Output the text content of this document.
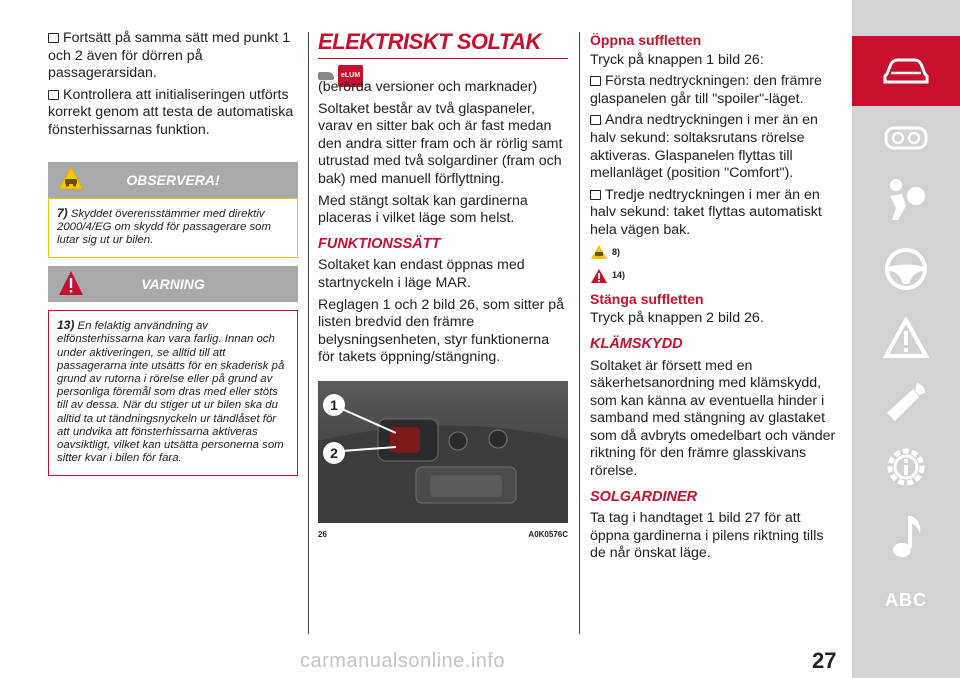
Fortsätt på samma sätt med punkt 1 och 2 även för dörren på passagerarsidan.

Kontrollera att initialiseringen utförts korrekt genom att testa de automatiska fönsterhissarnas funktion.

OBSERVERA!
7) Skyddet överensstämmer med direktiv 2000/4/EG om skydd för passagerare som lutar sig ut ur bilen.
VARNING
13) En felaktig användning av elfönsterhissarna kan vara farlig. Innan och under aktiveringen, se alltid till att passagerarna inte utsätts för en skaderisk på grund av rutorna i rörelse eller på grund av personliga föremål som dras med eller stöts till av dessa. När du stiger ut ur bilen ska du alltid ta ut tändningsnyckeln ur tändlåset för att undvika att fönsterhissarna aktiveras oavsiktligt, vilket kan utsätta personerna som sitter kvar i bilen för fara.
ELEKTRISKT SOLTAK
eLUM

(berörda versioner och marknader)

Soltaket består av två glaspaneler, varav en sitter bak och är fast medan den andra sitter fram och är rörlig samt utrustad med två solgardiner (fram och bak) med manuell förflyttning.

Med stängt soltak kan gardinerna placeras i vilket läge som helst.

FUNKTIONSSÄTT

Soltaket kan endast öppnas med startnyckeln i läge MAR.

Reglagen 1 och 2 bild 26, som sitter på listen bredvid den främre belysningsenheten, styr funktionerna för takets öppning/stängning.

1
2
26	A0K0576C
Öppna suffletten

Tryck på knappen 1 bild 26:

Första nedtryckningen: den främre glaspanelen går till "spoiler"-läget.

Andra nedtryckningen i mer än en halv sekund: soltaksrutans rörelse aktiveras. Glaspanelen flyttas till mellanläget (position "Comfort").

Tredje nedtryckningen i mer än en halv sekund: taket flyttas automatiskt hela vägen bak.

8)
14)
Stänga suffletten

Tryck på knappen 2 bild 26.

KLÄMSKYDD

Soltaket är försett med en säkerhetsanordning med klämskydd, som kan känna av eventuella hinder i samband med stängning av glastaket som då avbryts omedelbart och vänder riktning för den främre glasskivans rörelse.

SOLGARDINER

Ta tag i handtaget 1 bild 27 för att öppna gardinerna i pilens riktning tills de når önskat läge.

ABC
carmanualsonline.info	27
